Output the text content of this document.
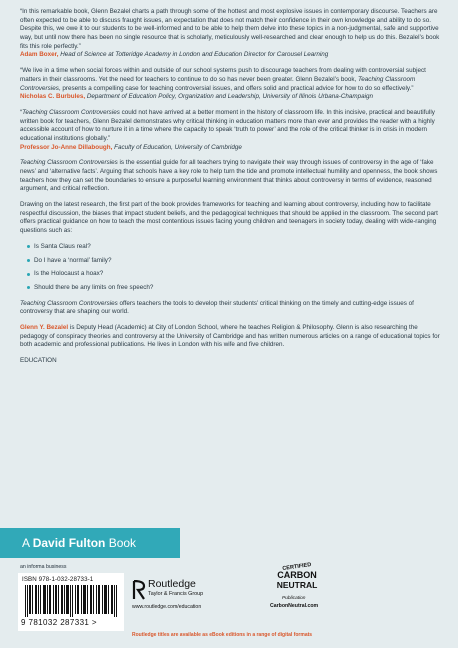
“In this remarkable book, Glenn Bezalel charts a path through some of the hottest and most explosive issues in contemporary discourse. Teachers are often expected to be able to discuss fraught issues, an expectation that does not match their confidence in their own knowledge and ability to do so. Despite this, we owe it to our students to be well-informed and to be able to help them delve into these topics in a non-judgmental, safe and supportive way, but until now there has been no single resource that is scholarly, meticulously well-researched and clear enough to help us do this. Bezalel’s book fits this role perfectly.”

Adam Boxer, Head of Science at Totteridge Academy in London and Education Director for Carousel Learning

“We live in a time when social forces within and outside of our school systems push to discourage teachers from dealing with controversial subject matters in their classrooms. Yet the need for teachers to continue to do so has never been greater. Glenn Bezalel’s book, Teaching Classroom Controversies, presents a compelling case for teaching controversial issues, and offers solid and practical advice for how to do so effectively.”

Nicholas C. Burbules, Department of Education Policy, Organization and Leadership, University of Illinois Urbana-Champaign

“Teaching Classroom Controversies could not have arrived at a better moment in the history of classroom life. In this incisive, practical and beautifully written book for teachers, Glenn Bezalel demonstrates why critical thinking in education matters more than ever and provides the reader with a highly accessible account of how to nurture it in a time where the capacity to speak ‘truth to power’ and the role of the critical thinker is in crisis in modern educational institutions globally.”

Professor Jo-Anne Dillabough, Faculty of Education, University of Cambridge

Teaching Classroom Controversies is the essential guide for all teachers trying to navigate their way through issues of controversy in the age of ‘fake news’ and ‘alternative facts’. Arguing that schools have a key role to help turn the tide and promote intellectual humility and openness, the book shows teachers how they can set the boundaries to ensure a purposeful learning environment that thinks about controversy in terms of evidence, reasoned argument, and critical reflection.

Drawing on the latest research, the first part of the book provides frameworks for teaching and learning about controversy, including how to facilitate respectful discussion, the biases that impact student beliefs, and the pedagogical techniques that should be applied in the classroom. The second part offers practical guidance on how to teach the most contentious issues facing young children and teenagers in society today, dealing with wide-ranging questions such as:

Is Santa Claus real?
Do I have a ‘normal’ family?
Is the Holocaust a hoax?
Should there be any limits on free speech?

Teaching Classroom Controversies offers teachers the tools to develop their students’ critical thinking on the timely and cutting-edge issues of controversy that are shaping our world.

Glenn Y. Bezalel is Deputy Head (Academic) at City of London School, where he teaches Religion & Philosophy. Glenn is also researching the pedagogy of conspiracy theories and controversy at the University of Cambridge and has written numerous articles on a range of educational topics for both academic and professional publications. He lives in London with his wife and five children.

EDUCATION

A David Fulton Book
an informa business
ISBN 978-1-032-28733-1
9 781032 287331 >
Routledge
Taylor & Francis Group
www.routledge.com/education
CERTIFIED
CARBON
NEUTRAL
Publication
CarbonNeutral.com
Routledge titles are available as eBook editions in a range of digital formats
